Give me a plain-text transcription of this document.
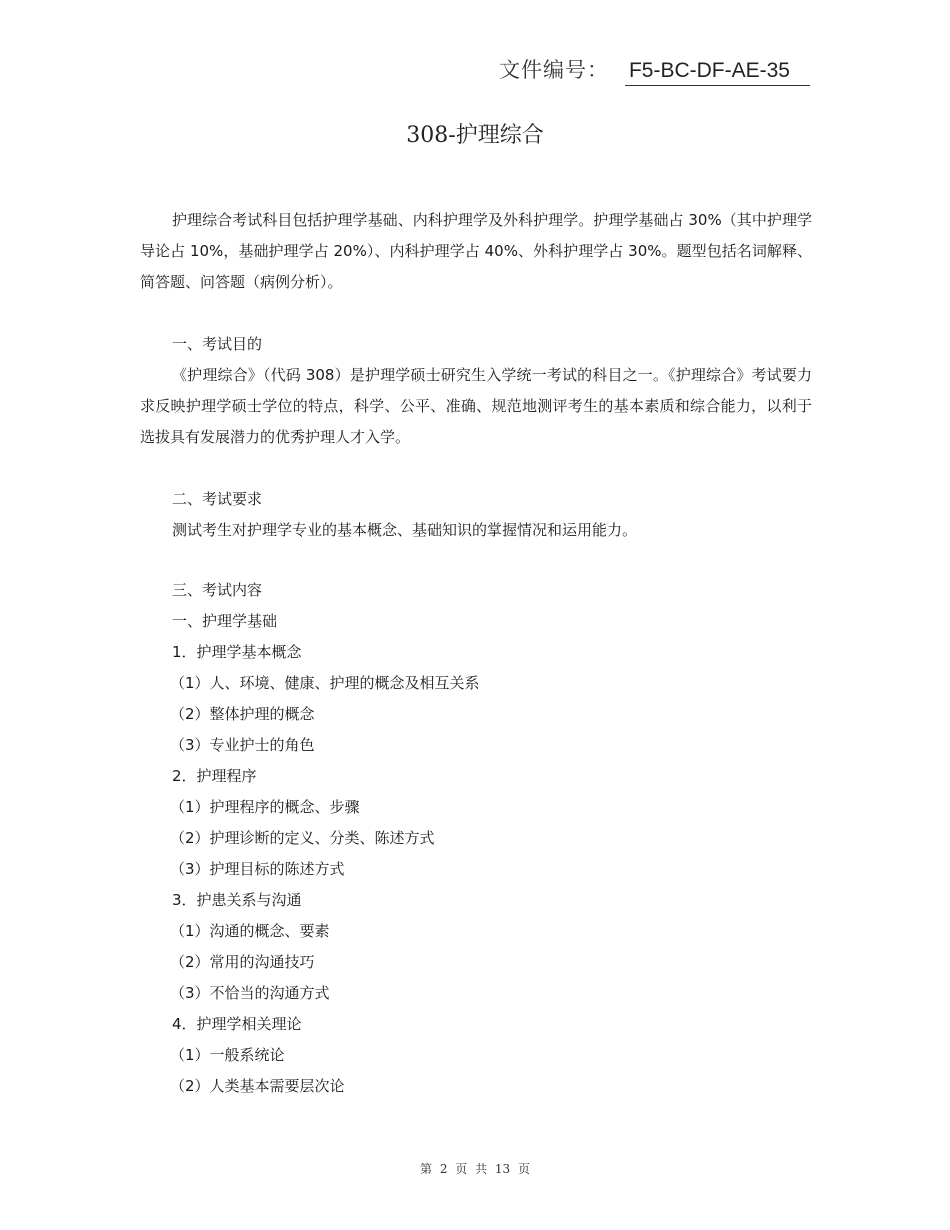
文件编号： F5-BC-DF-AE-35
308-护理综合

护理综合考试科目包括护理学基础、内科护理学及外科护理学。护理学基础占 30%（其中护理学导论占 10%，基础护理学占 20%）、内科护理学占 40%、外科护理学占 30%。题型包括名词解释、简答题、问答题（病例分析）。

一、考试目的

《护理综合》（代码 308）是护理学硕士研究生入学统一考试的科目之一。《护理综合》考试要力求反映护理学硕士学位的特点，科学、公平、准确、规范地测评考生的基本素质和综合能力，以利于选拔具有发展潜力的优秀护理人才入学。

二、考试要求
测试考生对护理学专业的基本概念、基础知识的掌握情况和运用能力。
三、考试内容
一、护理学基础
1．护理学基本概念
（1）人、环境、健康、护理的概念及相互关系
（2）整体护理的概念
（3）专业护士的角色
2．护理程序
（1）护理程序的概念、步骤
（2）护理诊断的定义、分类、陈述方式
（3）护理目标的陈述方式
3．护患关系与沟通
（1）沟通的概念、要素
（2）常用的沟通技巧
（3）不恰当的沟通方式
4．护理学相关理论
（1）一般系统论
（2）人类基本需要层次论
第 2 页 共 13 页
